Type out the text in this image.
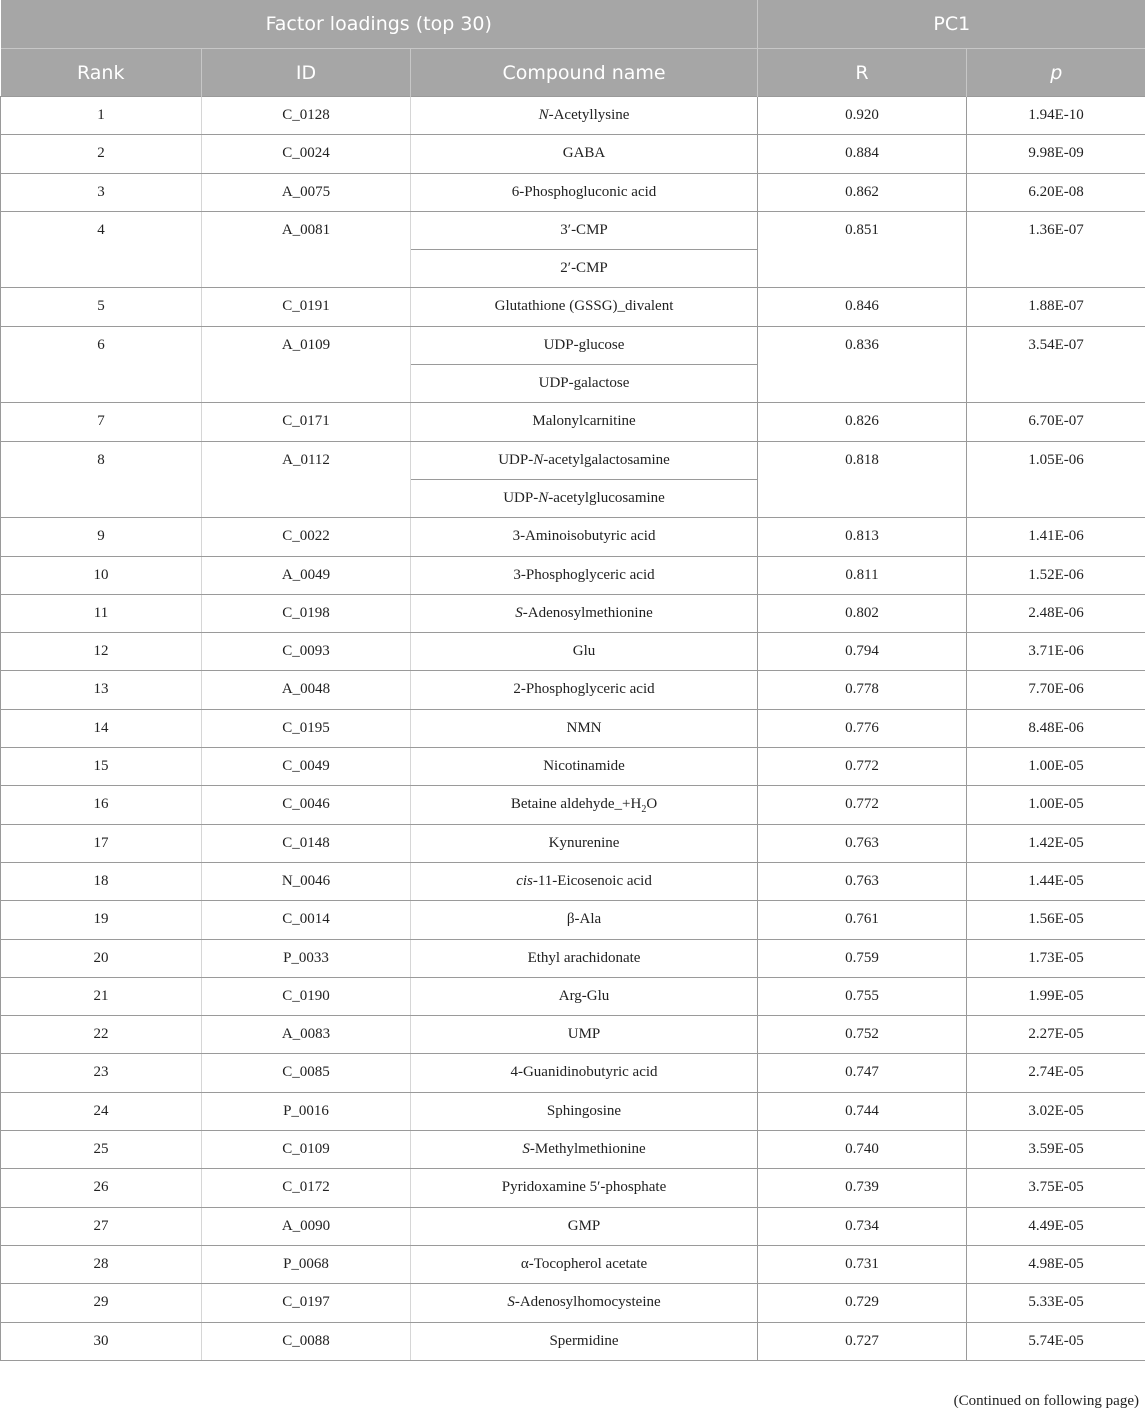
Factor loadings (top 30)			PC1	
Rank	ID	Compound name	R	p
1	C_0128	N-Acetyllysine	0.920	1.94E-10
2	C_0024	GABA	0.884	9.98E-09
3	A_0075	6-Phosphogluconic acid	0.862	6.20E-08
4	A_0081	3′-CMP	0.851	1.36E-07
		2′-CMP		
5	C_0191	Glutathione (GSSG)_divalent	0.846	1.88E-07
6	A_0109	UDP-glucose	0.836	3.54E-07
		UDP-galactose		
7	C_0171	Malonylcarnitine	0.826	6.70E-07
8	A_0112	UDP-N-acetylgalactosamine	0.818	1.05E-06
		UDP-N-acetylglucosamine		
9	C_0022	3-Aminoisobutyric acid	0.813	1.41E-06
10	A_0049	3-Phosphoglyceric acid	0.811	1.52E-06
11	C_0198	S-Adenosylmethionine	0.802	2.48E-06
12	C_0093	Glu	0.794	3.71E-06
13	A_0048	2-Phosphoglyceric acid	0.778	7.70E-06
14	C_0195	NMN	0.776	8.48E-06
15	C_0049	Nicotinamide	0.772	1.00E-05
16	C_0046	Betaine $aldehyde\_+H_2O$	0.772	1.00E-05
17	C_0148	Kynurenine	0.763	1.42E-05
18	N_0046	cis-11-Eicosenoic acid	0.763	1.44E-05
19	C_0014	β-Ala	0.761	1.56E-05
20	P_0033	Ethyl arachidonate	0.759	1.73E-05
21	C_0190	Arg-Glu	0.755	1.99E-05
22	A_0083	UMP	0.752	2.27E-05
23	C_0085	4-Guanidinobutyric acid	0.747	2.74E-05
24	P_0016	Sphingosine	0.744	3.02E-05
25	C_0109	S-Methylmethionine	0.740	3.59E-05
26	C_0172	Pyridoxamine 5′-phosphate	0.739	3.75E-05
27	A_0090	GMP	0.734	4.49E-05
28	P_0068	α-Tocopherol acetate	0.731	4.98E-05
29	C_0197	S-Adenosylhomocysteine	0.729	5.33E-05
30	C_0088	Spermidine	0.727	5.74E-05
(Continued on following page)
